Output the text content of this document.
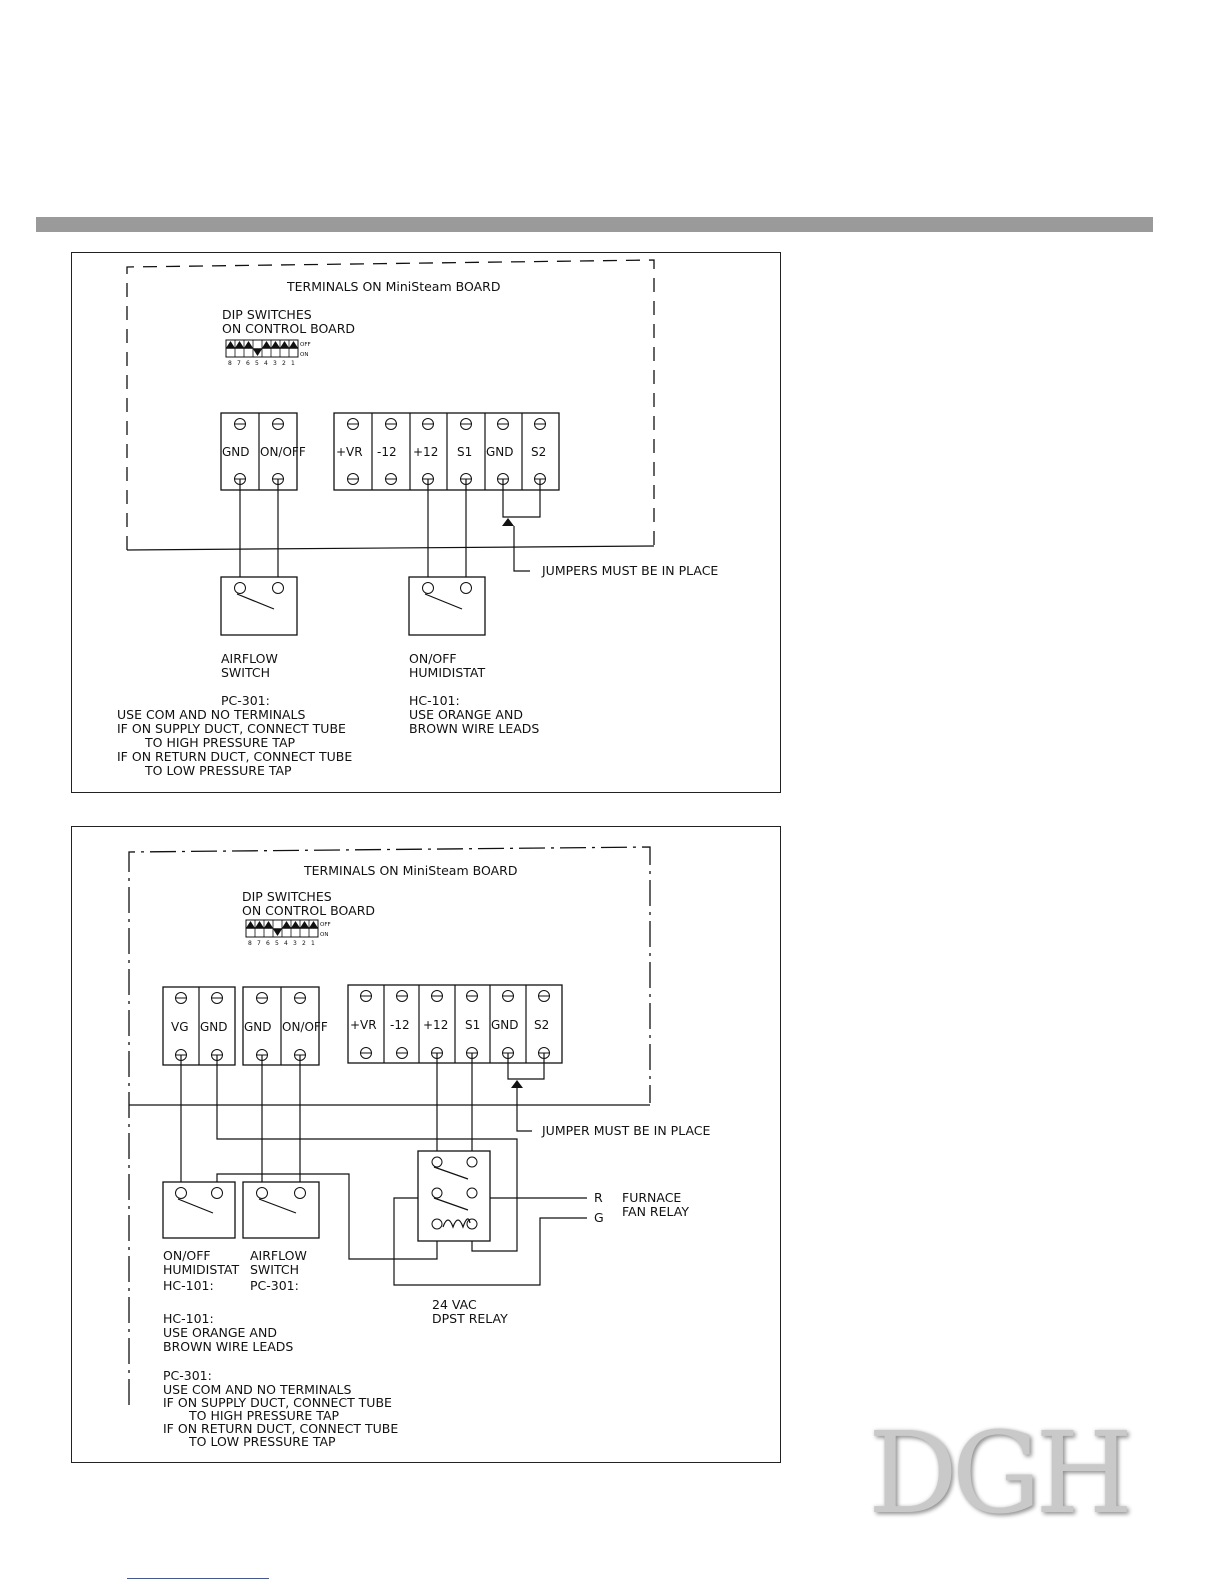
TERMINALS ON MiniSteam BOARD
DIP SWITCHES
ON CONTROL BOARD
OFF
ON
8 7 6 5 4 3 2 1
GND ON/OFF	+VR -12 +12 S1 GND S2
JUMPERS MUST BE IN PLACE
AIRFLOW
SWITCH
ON/OFF
HUMIDISTAT
PC-301:
USE COM AND NO TERMINALS
IF ON SUPPLY DUCT, CONNECT TUBE
TO HIGH PRESSURE TAP
IF ON RETURN DUCT, CONNECT TUBE
TO LOW PRESSURE TAP
HC-101:
USE ORANGE AND
BROWN WIRE LEADS
TERMINALS ON MiniSteam BOARD
DIP SWITCHES
ON CONTROL BOARD
OFF
ON
8 7 6 5 4 3 2 1
VG GND GND ON/OFF +VR -12 +12 S1 GND S2
JUMPER MUST BE IN PLACE
R
G
FURNACE
FAN RELAY
24 VAC
DPST RELAY
ON/OFF
HUMIDISTAT
HC-101:
AIRFLOW
SWITCH
PC-301:
HC-101:
USE ORANGE AND
BROWN WIRE LEADS
PC-301:
USE COM AND NO TERMINALS
IF ON SUPPLY DUCT, CONNECT TUBE
TO HIGH PRESSURE TAP
IF ON RETURN DUCT, CONNECT TUBE
TO LOW PRESSURE TAP	DGH
